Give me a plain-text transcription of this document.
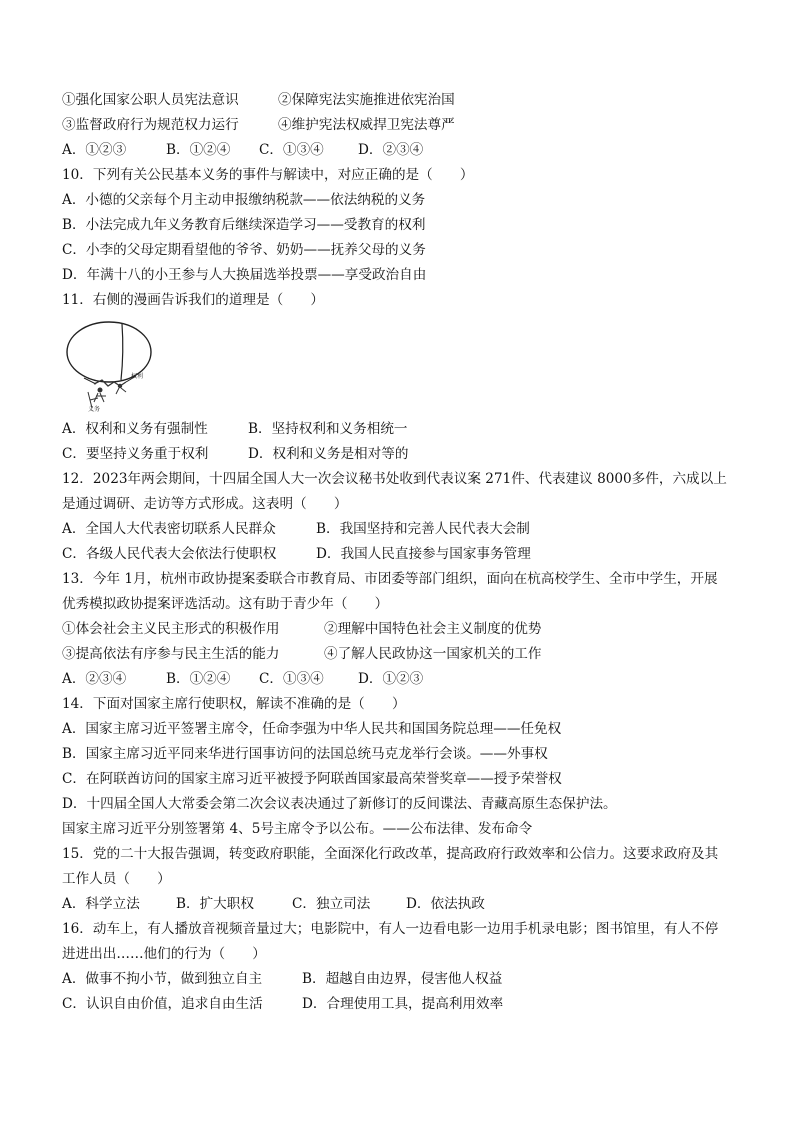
①强化国家公职人员宪法意识	②保障宪法实施推进依宪治国
③监督政府行为规范权力运行	④维护宪法权威捍卫宪法尊严
A．①②③	B．①②④ C．①③④	D．②③④
10．下列有关公民基本义务的事件与解读中，对应正确的是（　　）
A．小德的父亲每个月主动申报缴纳税款——依法纳税的义务
B．小法完成九年义务教育后继续深造学习——受教育的权利
C．小李的父母定期看望他的爷爷、奶奶——抚养父母的义务
D．年满十八的小王参与人大换届选举投票——享受政治自由
11．右侧的漫画告诉我们的道理是（　　）
权利
义务
A．权利和义务有强制性	B．坚持权利和义务相统一
C．要坚持义务重于权利	D．权利和义务是相对等的
12．2023年两会期间，十四届全国人大一次会议秘书处收到代表议案 271件、代表建议 8000多件，六成以上
是通过调研、走访等方式形成。这表明（　　）
A．全国人大代表密切联系人民群众	B．我国坚持和完善人民代表大会制
C．各级人民代表大会依法行使职权	D．我国人民直接参与国家事务管理
13．今年 1月，杭州市政协提案委联合市教育局、市团委等部门组织，面向在杭高校学生、全市中学生，开展
优秀模拟政协提案评选活动。这有助于青少年（　　）
①体会社会主义民主形式的积极作用	②理解中国特色社会主义制度的优势
③提高依法有序参与民主生活的能力	④了解人民政协这一国家机关的工作
A．②③④	B．①②④ C．①③④	D．①②③
14．下面对国家主席行使职权，解读不准确的是（　　）
A．国家主席习近平签署主席令，任命李强为中华人民共和国国务院总理——任免权
B．国家主席习近平同来华进行国事访问的法国总统马克龙举行会谈。——外事权
C．在阿联酋访问的国家主席习近平被授予阿联酋国家最高荣誉奖章——授予荣誉权
D．十四届全国人大常委会第二次会议表决通过了新修订的反间谍法、青藏高原生态保护法。
国家主席习近平分别签署第 4、5号主席令予以公布。——公布法律、发布命令
15．党的二十大报告强调，转变政府职能，全面深化行政改革，提高政府行政效率和公信力。这要求政府及其
工作人员（　　）
A．科学立法	B．扩大职权	C．独立司法	D．依法执政
16．动车上，有人播放音视频音量过大；电影院中，有人一边看电影一边用手机录电影；图书馆里，有人不停
进进出出……他们的行为（　　）
A．做事不拘小节，做到独立自主	B．超越自由边界，侵害他人权益
C．认识自由价值，追求自由生活	D．合理使用工具，提高利用效率
